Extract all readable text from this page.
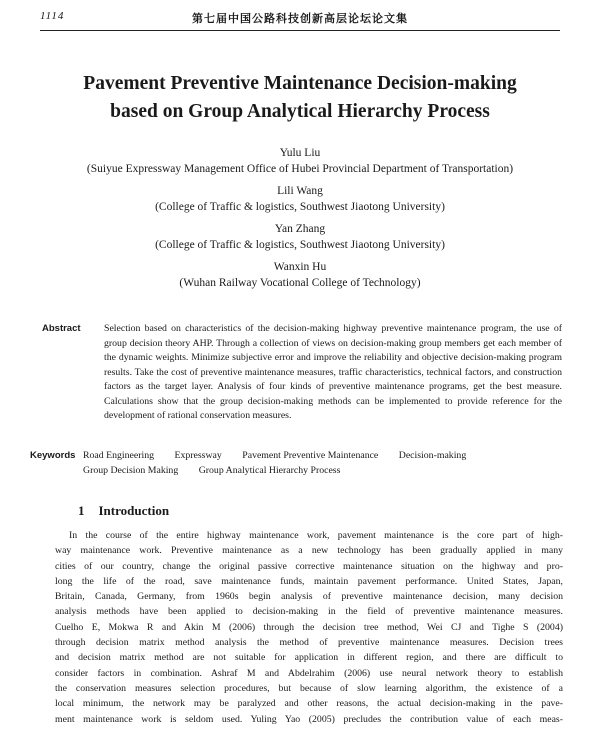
1114	第七届中国公路科技创新高层论坛论文集
Pavement Preventive Maintenance Decision-making
based on Group Analytical Hierarchy Process
Yulu Liu
(Suiyue Expressway Management Office of Hubei Provincial Department of Transportation)
Lili Wang
(College of Traffic & logistics, Southwest Jiaotong University)
Yan Zhang
(College of Traffic & logistics, Southwest Jiaotong University)
Wanxin Hu
(Wuhan Railway Vocational College of Technology)
Abstract Selection based on characteristics of the decision-making highway preventive maintenance program, the use of group decision theory AHP. Through a collection of views on decision-making group members get each member of the dynamic weights. Minimize subjective error and improve the reliability and objective decision-making program results. Take the cost of preventive maintenance measures, traffic characteristics, technical factors, and construction factors as the target layer. Analysis of four kinds of preventive maintenance programs, get the best measure. Calculations show that the group decision-making methods can be implemented to provide reference for the development of rational conservation measures.
Keywords Road Engineering Expressway Pavement Preventive Maintenance Decision-making Group Decision Making Group Analytical Hierarchy Process
1 Introduction
In the course of the entire highway maintenance work, pavement maintenance is the core part of high-
way maintenance work. Preventive maintenance as a new technology has been gradually applied in many
cities of our country, change the original passive corrective maintenance situation on the highway and pro-
long the life of the road, save maintenance funds, maintain pavement performance. United States, Japan,
Britain, Canada, Germany, from 1960s begin analysis of preventive maintenance decision, many decision
analysis methods have been applied to decision-making in the field of preventive maintenance measures.
Cuelho E, Mokwa R and Akin M (2006) through the decision tree method, Wei CJ and Tighe S (2004)
through decision matrix method analysis the method of preventive maintenance measures. Decision trees
and decision matrix method are not suitable for application in different region, and there are difficult to
consider factors in combination. Ashraf M and Abdelrahim (2006) use neural network theory to establish
the conservation measures selection procedures, but because of slow learning algorithm, the existence of a
local minimum, the network may be paralyzed and other reasons, the actual decision-making in the pave-
ment maintenance work is seldom used. Yuling Yao (2005) precludes the contribution value of each meas-
